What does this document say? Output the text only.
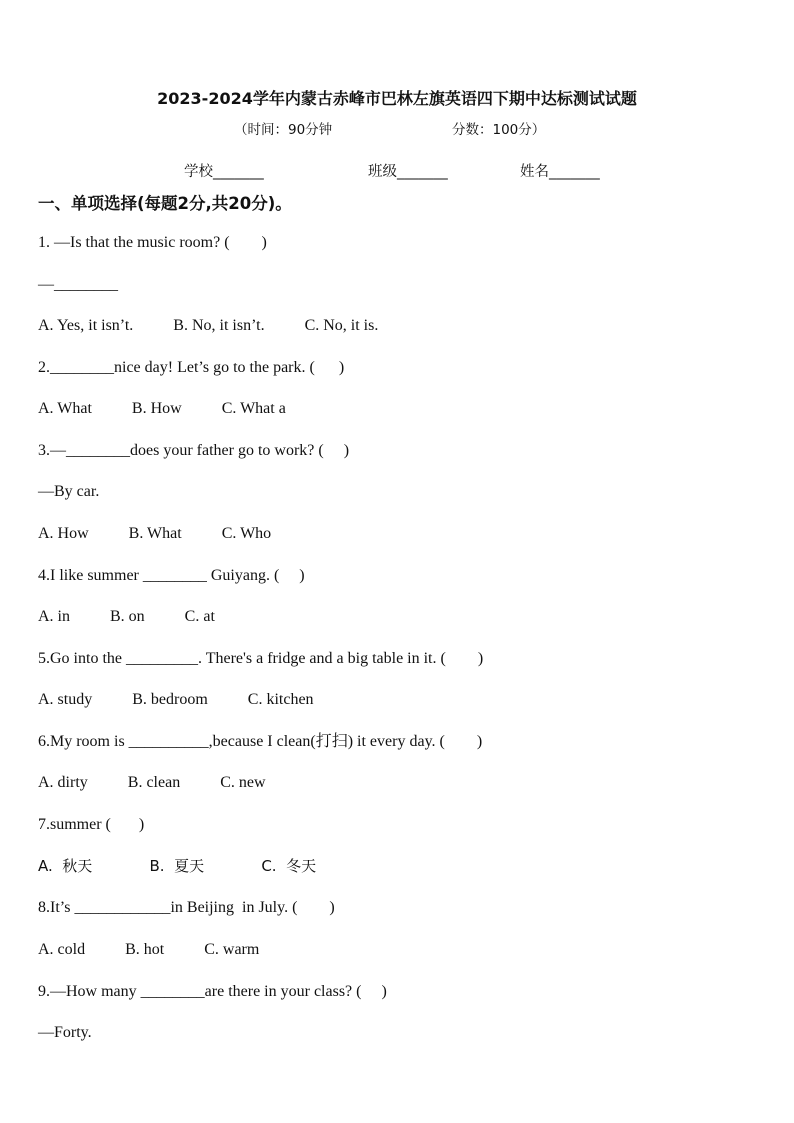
2023-2024学年内蒙古赤峰市巴林左旗英语四下期中达标测试试题
（时间：90分钟	分数：100分）
学校_______	班级_______	姓名_______
一、单项选择(每题2分,共20分)。
1. —Is that the music room? (        )
—________
A. Yes, it isn’t.          B. No, it isn’t.          C. No, it is.
2.________nice day! Let’s go to the park. (      )
A. What          B. How          C. What a
3.—________does your father go to work? (     )
—By car.
A. How          B. What          C. Who
4.I like summer ________ Guiyang. (     )
A. in          B. on          C. at
5.Go into the _________. There's a fridge and a big table in it. (        )
A. study          B. bedroom          C. kitchen
6.My room is __________,because I clean(打扫) it every day. (        )
A. dirty          B. clean          C. new
7.summer (       )
A.  秋天            B.  夏天            C.  冬天
8.It’s ____________in Beijing  in July. (        )
A. cold          B. hot          C. warm
9.—How many ________are there in your class? (     )
—Forty.
